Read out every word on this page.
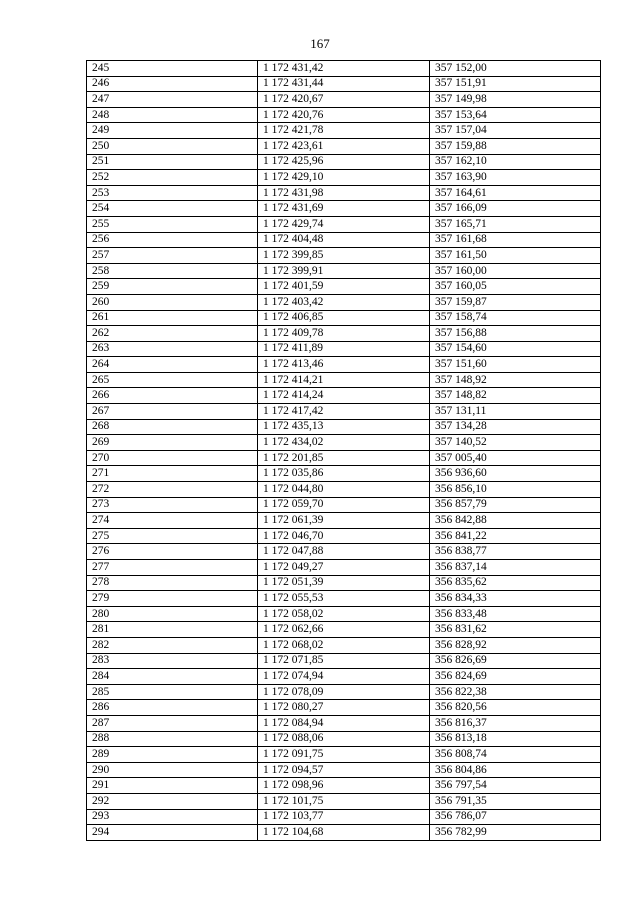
167
245	1 172 431,42	357 152,00
246	1 172 431,44	357 151,91
247	1 172 420,67	357 149,98
248	1 172 420,76	357 153,64
249	1 172 421,78	357 157,04
250	1 172 423,61	357 159,88
251	1 172 425,96	357 162,10
252	1 172 429,10	357 163,90
253	1 172 431,98	357 164,61
254	1 172 431,69	357 166,09
255	1 172 429,74	357 165,71
256	1 172 404,48	357 161,68
257	1 172 399,85	357 161,50
258	1 172 399,91	357 160,00
259	1 172 401,59	357 160,05
260	1 172 403,42	357 159,87
261	1 172 406,85	357 158,74
262	1 172 409,78	357 156,88
263	1 172 411,89	357 154,60
264	1 172 413,46	357 151,60
265	1 172 414,21	357 148,92
266	1 172 414,24	357 148,82
267	1 172 417,42	357 131,11
268	1 172 435,13	357 134,28
269	1 172 434,02	357 140,52
270	1 172 201,85	357 005,40
271	1 172 035,86	356 936,60
272	1 172 044,80	356 856,10
273	1 172 059,70	356 857,79
274	1 172 061,39	356 842,88
275	1 172 046,70	356 841,22
276	1 172 047,88	356 838,77
277	1 172 049,27	356 837,14
278	1 172 051,39	356 835,62
279	1 172 055,53	356 834,33
280	1 172 058,02	356 833,48
281	1 172 062,66	356 831,62
282	1 172 068,02	356 828,92
283	1 172 071,85	356 826,69
284	1 172 074,94	356 824,69
285	1 172 078,09	356 822,38
286	1 172 080,27	356 820,56
287	1 172 084,94	356 816,37
288	1 172 088,06	356 813,18
289	1 172 091,75	356 808,74
290	1 172 094,57	356 804,86
291	1 172 098,96	356 797,54
292	1 172 101,75	356 791,35
293	1 172 103,77	356 786,07
294	1 172 104,68	356 782,99
